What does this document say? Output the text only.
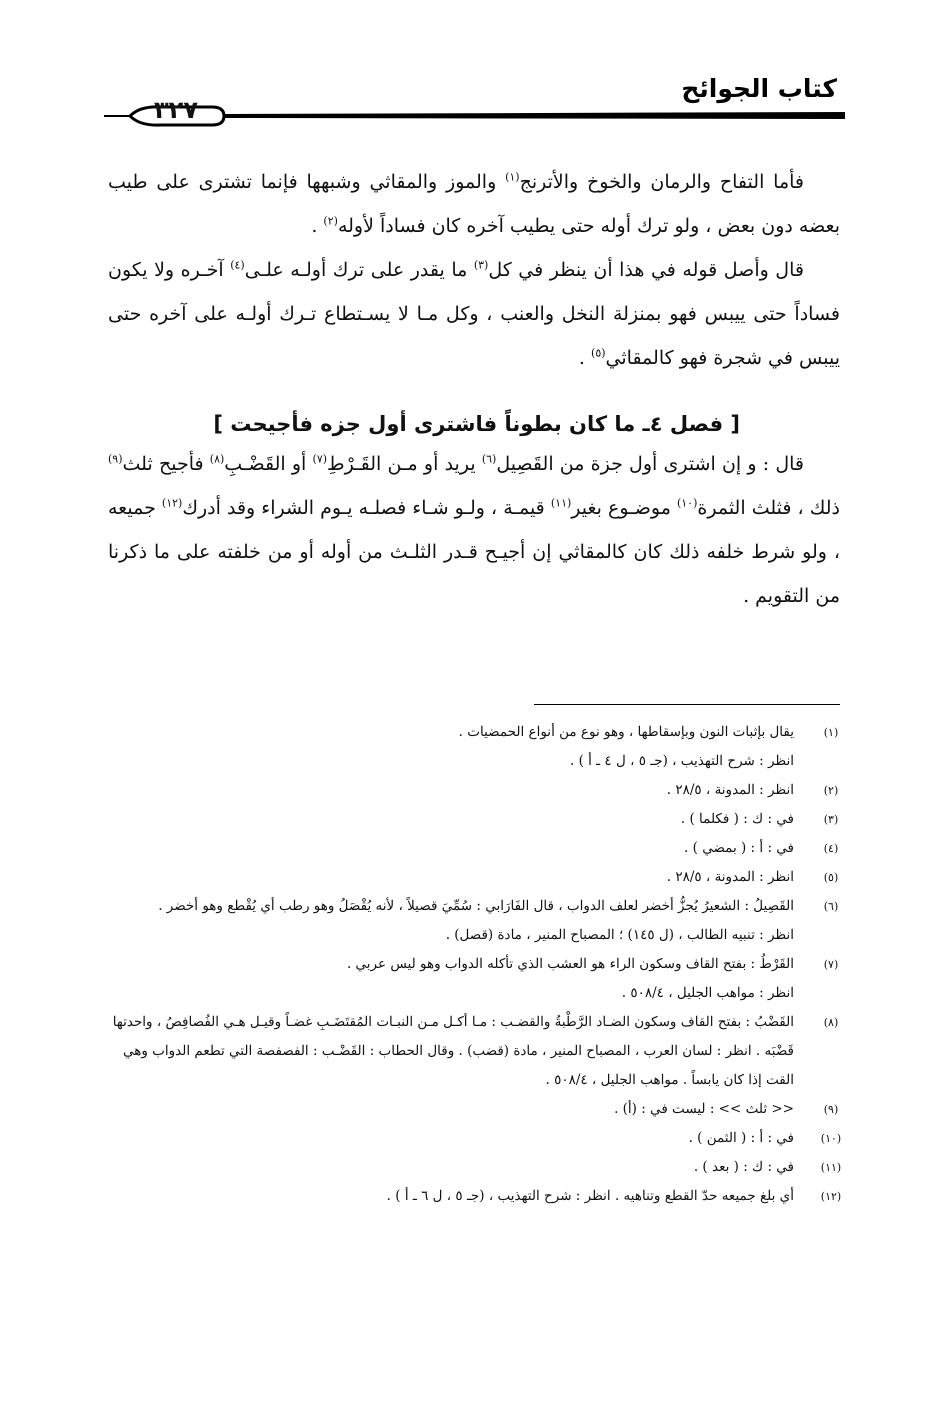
كتاب الجوائح
٣٢٧

فأما التفاح والرمان والخوخ والأترنج$^{(١)}$ والموز والمقاثي وشبهها فإنما تشترى على طيب بعضه دون بعض ، ولو ترك أوله حتى يطيب آخره كان فساداً لأوله$^{(٢)}$ .

قال وأصل قوله في هذا أن ينظر في كل$^{(٣)}$ ما يقدر على ترك أولـه علـى$^{(٤)}$ آخـره ولا يكون فساداً حتى ييبس فهو بمنزلة النخل والعنب ، وكل مـا لا يسـتطاع تـرك أولـه على آخره حتى ييبس في شجرة فهو كالمقاثي$^{(٥)}$ .

[ فصل ٤ـ ما كان بطوناً فاشترى أول جزه فأجيحت ]

قال : و إن اشترى أول جزة من القَصِيل$^{(٦)}$ يريد أو مـن القَـرْطِ$^{(٧)}$ أو القَضْـبِ$^{(٨)}$ فأجيح ثلث$^{(٩)}$ ذلك ، فثلث الثمرة$^{(١٠)}$ موضـوع بغير$^{(١١)}$ قيمـة ، ولـو شـاء فصلـه يـوم الشراء وقد أدرك$^{(١٢)}$ جميعه ، ولو شرط خلفه ذلك كان كالمقاثي إن أجيـح قـدر الثلـث من أوله أو من خلفته على ما ذكرنا من التقويم .

(١)
يقال بإثبات النون وبإسقاطها ، وهو نوع من أنواع الحمضيات .
انظر : شرح التهذيب ، (جـ ٥ ، ل ٤ ـ أ ) .
(٢)
انظر : المدونة ، ٢٨/٥ .
(٣)
في : ك : ( فكلما ) .
(٤)
في : أ : ( بمضي ) .
(٥)
انظر : المدونة ، ٢٨/٥ .
(٦)
القَصِيلُ : الشعيرُ يُجزُّ أخضر لعلف الدواب ، قال الفَارَابي : سُمِّيَ قصيلاً ، لأنه يُقْصَلُ وهو رطب أي يُقْطع وهو أخضر .
انظر : تنبيه الطالب ، (ل ١٤٥) ؛ المصباح المنير ، مادة (قصل) .
(٧)
القَرْطُ : بفتح القاف وسكون الراء هو العشب الذي تأكله الدواب وهو ليس عربي .
انظر : مواهب الجليل ، ٥٠٨/٤ .
(٨)
القَضْبُ : بفتح القاف وسكون الضـاد الرَّطْبةُ والقضـب : مـا أكـل مـن النبـات المُقتَضَـبِ غضـاً وقيـل هـي الفُصافِصُ ، واحدتها قَضْبَه . انظر : لسان العرب ، المصباح المنير ، مادة (قضب) . وقال الحطاب : القَضْـب : الفصفصة التي تطعم الدواب وهي القت إذا كان يابساً . مواهب الجليل ، ٥٠٨/٤ .
(٩)
<< ثلث >> : ليست في : (أ) .
(١٠)
في : أ : ( الثمن ) .
(١١)
في : ك : ( بعد ) .
(١٢)
أي بلغ جميعه حدّ القطع وتناهيه . انظر : شرح التهذيب ، (جـ ٥ ، ل ٦ ـ أ ) .
